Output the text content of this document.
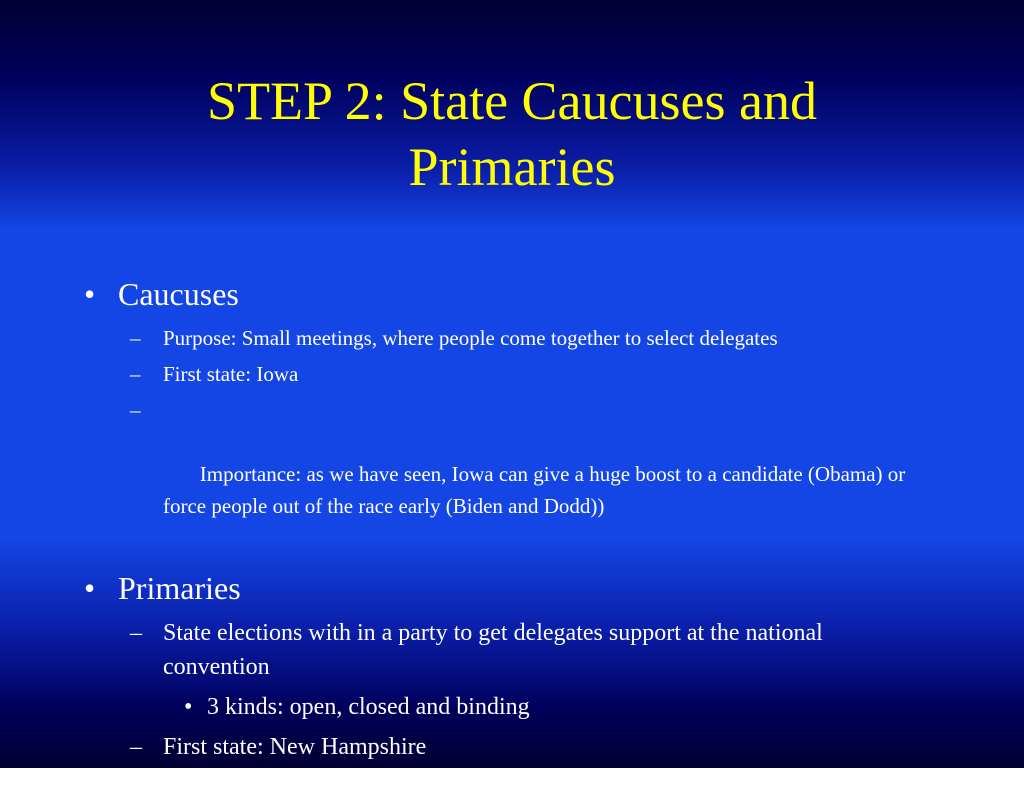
STEP 2: State Caucuses and
Primaries
• Caucuses
– Purpose: Small meetings, where people come together to select delegates
– First state: Iowa

–

Importance: as we have seen, Iowa can give a huge boost to a candidate (Obama) or force people out of the race early (Biden and Dodd))

• Primaries
– State elections with in a party to get delegates support at the national convention
• 3 kinds: open, closed and binding
– First state: New Hampshire
– Importance: weeds out candidates, proves who can win and where
